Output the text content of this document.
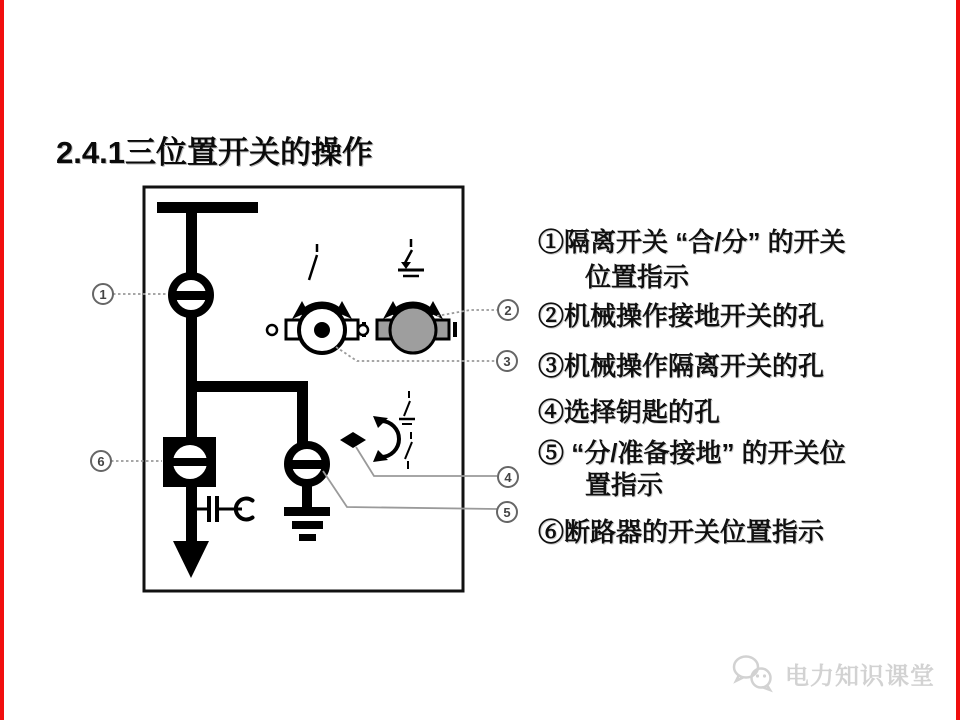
2.4.1三位置开关的操作
1
2
3
4
5
6
①隔离开关 “合/分” 的开关
位置指示
②机械操作接地开关的孔
③机械操作隔离开关的孔
④选择钥匙的孔
⑤ “分/准备接地” 的开关位
置指示
⑥断路器的开关位置指示
电力知识课堂
